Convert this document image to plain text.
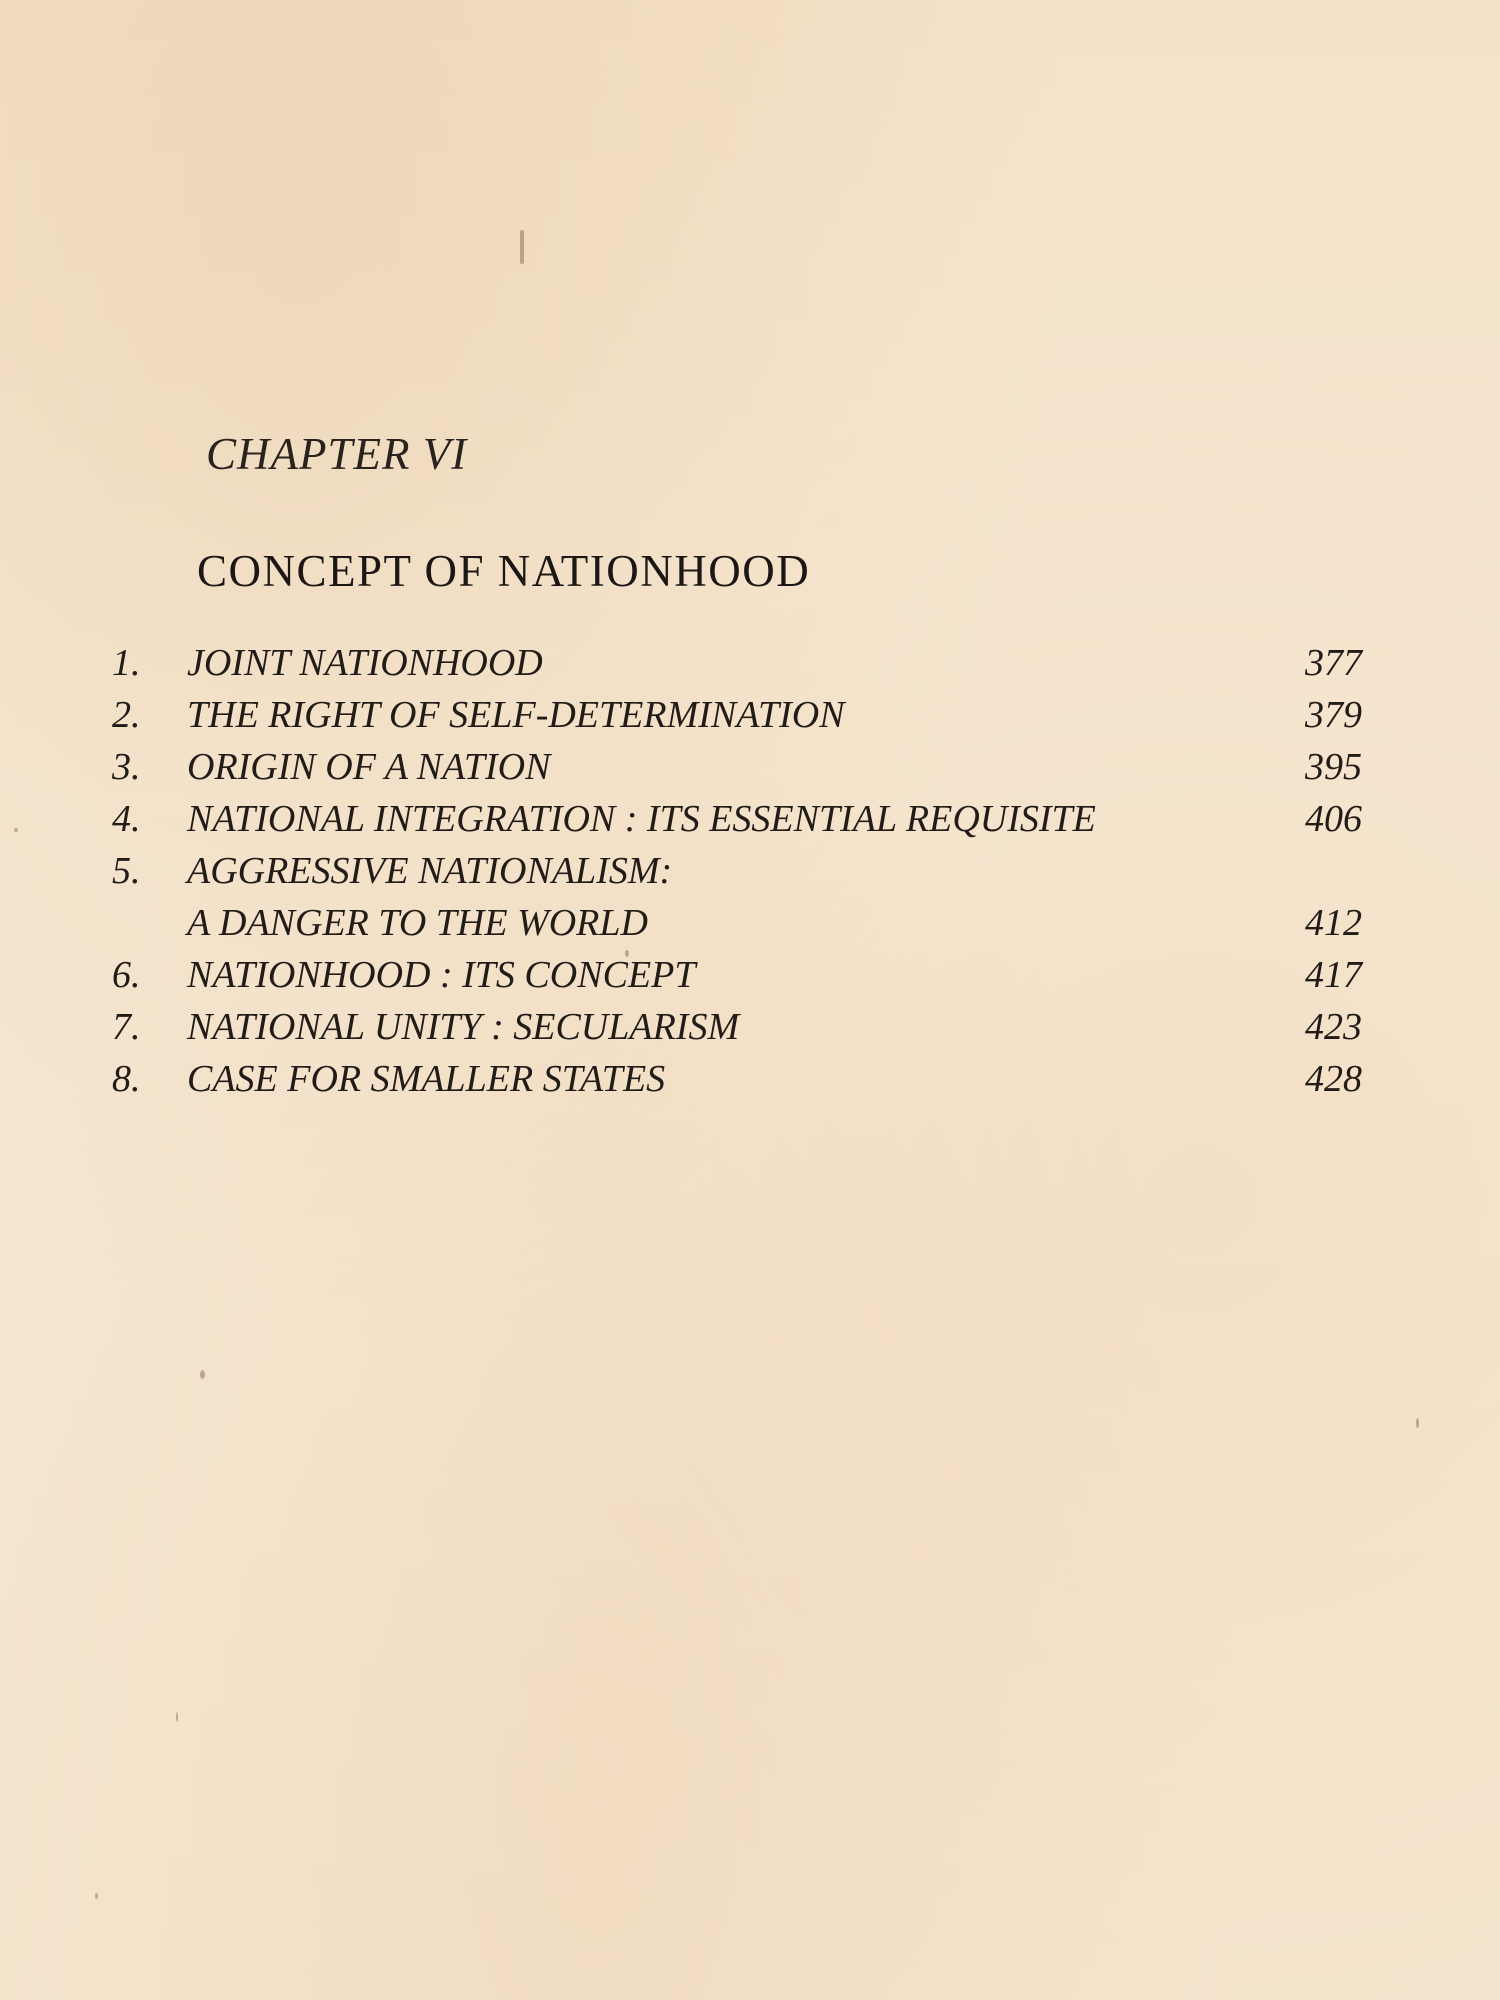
CHAPTER VI
CONCEPT OF NATIONHOOD
1. JOINT NATIONHOOD	377
2. THE RIGHT OF SELF-DETERMINATION	379
3. ORIGIN OF A NATION	395
4. NATIONAL INTEGRATION : ITS ESSENTIAL REQUISITE	406
5. AGGRESSIVE NATIONALISM:
A DANGER TO THE WORLD	412
6. NATIONHOOD : ITS CONCEPT	417
7. NATIONAL UNITY : SECULARISM	423
8. CASE FOR SMALLER STATES	428
